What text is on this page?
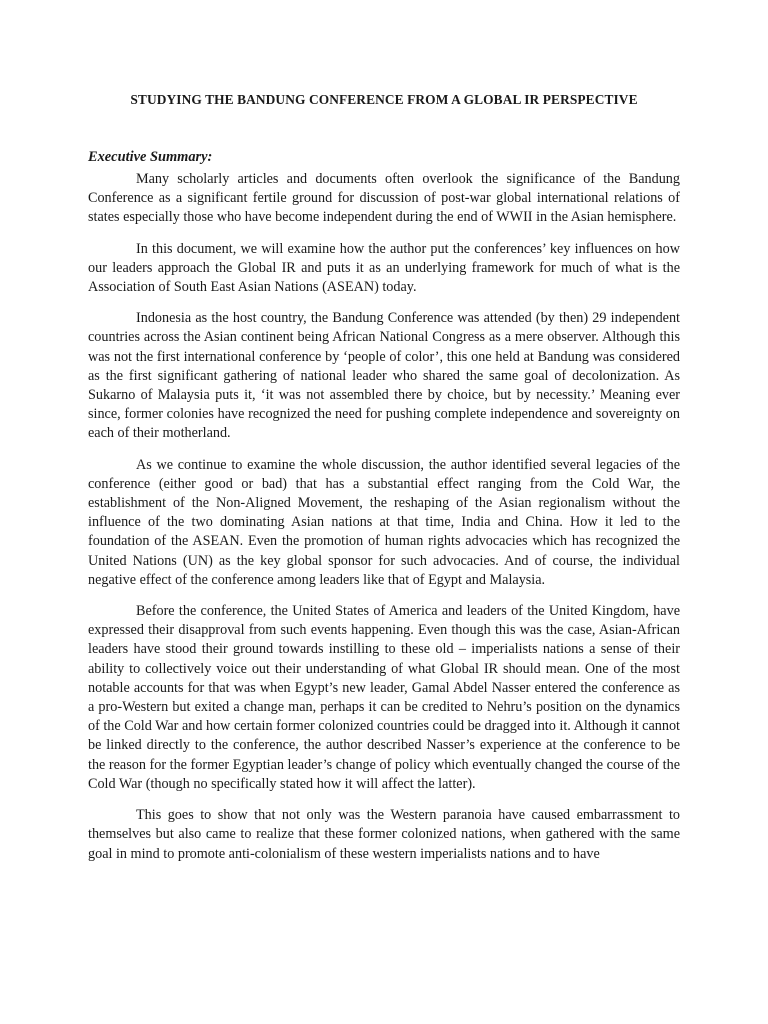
STUDYING THE BANDUNG CONFERENCE FROM A GLOBAL IR PERSPECTIVE
Executive Summary:

Many scholarly articles and documents often overlook the significance of the Bandung Conference as a significant fertile ground for discussion of post-war global international relations of states especially those who have become independent during the end of WWII in the Asian hemisphere.

In this document, we will examine how the author put the conferences’ key influences on how our leaders approach the Global IR and puts it as an underlying framework for much of what is the Association of South East Asian Nations (ASEAN) today.

Indonesia as the host country, the Bandung Conference was attended (by then) 29 independent countries across the Asian continent being African National Congress as a mere observer. Although this was not the first international conference by ‘people of color’, this one held at Bandung was considered as the first significant gathering of national leader who shared the same goal of decolonization. As Sukarno of Malaysia puts it, ‘it was not assembled there by choice, but by necessity.’ Meaning ever since, former colonies have recognized the need for pushing complete independence and sovereignty on each of their motherland.

As we continue to examine the whole discussion, the author identified several legacies of the conference (either good or bad) that has a substantial effect ranging from the Cold War, the establishment of the Non-Aligned Movement, the reshaping of the Asian regionalism without the influence of the two dominating Asian nations at that time, India and China. How it led to the foundation of the ASEAN. Even the promotion of human rights advocacies which has recognized the United Nations (UN) as the key global sponsor for such advocacies. And of course, the individual negative effect of the conference among leaders like that of Egypt and Malaysia.

Before the conference, the United States of America and leaders of the United Kingdom, have expressed their disapproval from such events happening. Even though this was the case, Asian-African leaders have stood their ground towards instilling to these old – imperialists nations a sense of their ability to collectively voice out their understanding of what Global IR should mean. One of the most notable accounts for that was when Egypt’s new leader, Gamal Abdel Nasser entered the conference as a pro-Western but exited a change man, perhaps it can be credited to Nehru’s position on the dynamics of the Cold War and how certain former colonized countries could be dragged into it. Although it cannot be linked directly to the conference, the author described Nasser’s experience at the conference to be the reason for the former Egyptian leader’s change of policy which eventually changed the course of the Cold War (though no specifically stated how it will affect the latter).

This goes to show that not only was the Western paranoia have caused embarrassment to themselves but also came to realize that these former colonized nations, when gathered with the same goal in mind to promote anti-colonialism of these western imperialists nations and to have
